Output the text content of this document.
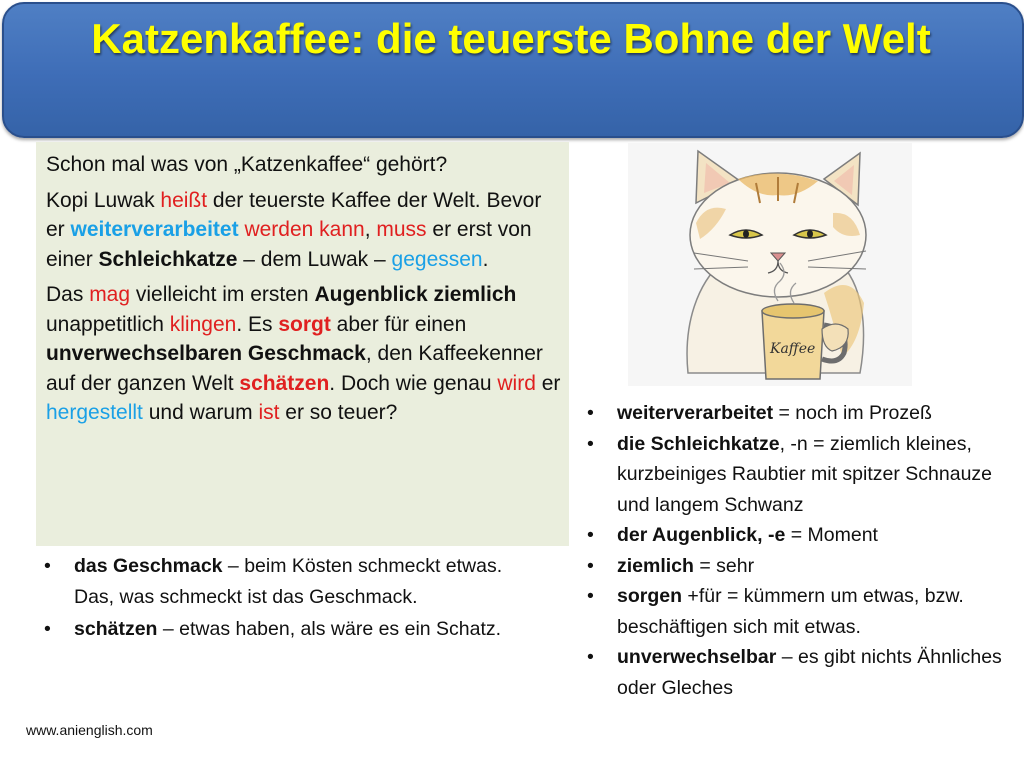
Katzenkaffee: die teuerste Bohne der Welt

Schon mal was von „Katzenkaffee“ gehört?

Kopi Luwak heißt der teuerste Kaffee der Welt. Bevor er weiterverarbeitet werden kann, muss er erst von einer Schleichkatze – dem Luwak – gegessen.

Das mag vielleicht im ersten Augenblick ziemlich unappetitlich klingen. Es sorgt aber für einen unverwechselbaren Geschmack, den Kaffeekenner auf der ganzen Welt schätzen. Doch wie genau wird er hergestellt und warum ist er so teuer?

Kaffee
• das Geschmack – beim Kösten schmeckt etwas. Das, was schmeckt ist das Geschmack.
• schätzen – etwas haben, als wäre es ein Schatz.
• weiterverarbeitet = noch im Prozeß
• die Schleichkatze, -n = ziemlich kleines, kurzbeiniges Raubtier mit spitzer Schnauze und langem Schwanz
• der Augenblick, -e = Moment
• ziemlich = sehr
• sorgen +für = kümmern um etwas, bzw. beschäftigen sich mit etwas.
• unverwechselbar – es gibt nichts Ähnliches oder Gleches
www.anienglish.com
